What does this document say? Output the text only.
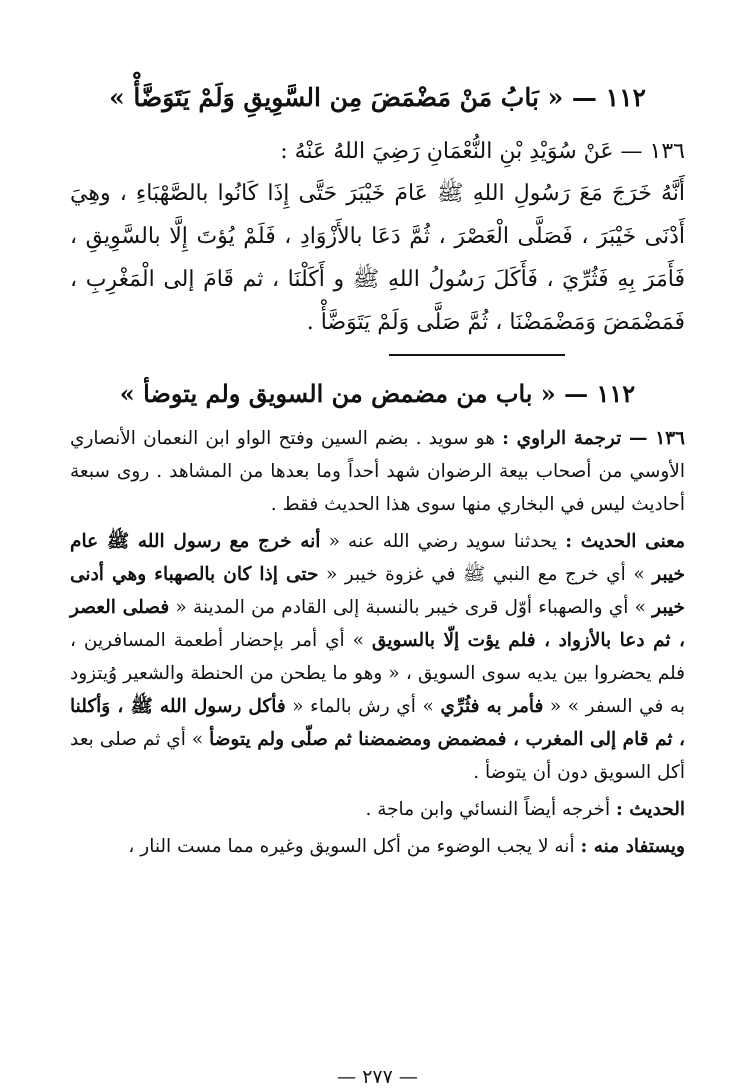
١١٢ — « بَابُ مَنْ مَضْمَضَ مِن السَّوِيقِ وَلَمْ يَتَوَضَّأْ »

١٣٦ — عَنْ سُوَيْدِ بْنِ النُّعْمَانِ رَضِيَ اللهُ عَنْهُ :

أَنَّهُ خَرَجَ مَعَ رَسُولِ اللهِ ﷺ عَامَ خَيْبَرَ حَتَّى إِذَا كَانُوا بالصَّهْبَاءِ ، وهِيَ أَدْنَى خَيْبَرَ ، فَصَلَّى الْعَصْرَ ، ثُمَّ دَعَا بالأَزْوَادِ ، فَلَمْ يُؤتَ إِلَّا بالسَّوِيقِ ، فَأَمَرَ بِهِ فَثُرِّيَ ، فَأَكَلَ رَسُولُ اللهِ ﷺ و أَكَلْنَا ، ثم قَامَ إلى الْمَغْرِبِ ، فَمَضْمَضَ وَمَضْمَضْنَا ، ثُمَّ صَلَّى وَلَمْ يَتَوَضَّأْ .

١١٢ — « باب من مضمض من السويق ولم يتوضأ »

١٣٦ — ترجمة الراوي : هو سويد . بضم السين وفتح الواو ابن النعمان الأنصاري الأوسي من أصحاب بيعة الرضوان شهد أحداً وما بعدها من المشاهد . روى سبعة أحاديث ليس في البخاري منها سوى هذا الحديث فقط .

معنى الحديث : يحدثنا سويد رضي الله عنه « أنه خرج مع رسول الله ﷺ عام خيبر » أي خرج مع النبي ﷺ في غزوة خيبر « حتى إذا كان بالصهباء وهي أدنى خيبر » أي والصهباء أوّل قرى خيبر بالنسبة إلى القادم من المدينة « فصلى العصر ، ثم دعا بالأزواد ، فلم يؤت إلّا بالسويق » أي أمر بإحضار أطعمة المسافرين ، فلم يحضروا بين يديه سوى السويق ، « وهو ما يطحن من الحنطة والشعير وُيتزود به في السفر » « فأمر به فثُرِّي » أي رش بالماء « فأكل رسول الله ﷺ ، وَأكلنا ، ثم قام إلى المغرب ، فمضمض ومضمضنا ثم صلّى ولم يتوضأ » أي ثم صلى بعد أكل السويق دون أن يتوضأ .

الحديث : أخرجه أيضاً النسائي وابن ماجة .

ويستفاد منه : أنه لا يجب الوضوء من أكل السويق وغيره مما مست النار ،

— ٢٧٧ —
